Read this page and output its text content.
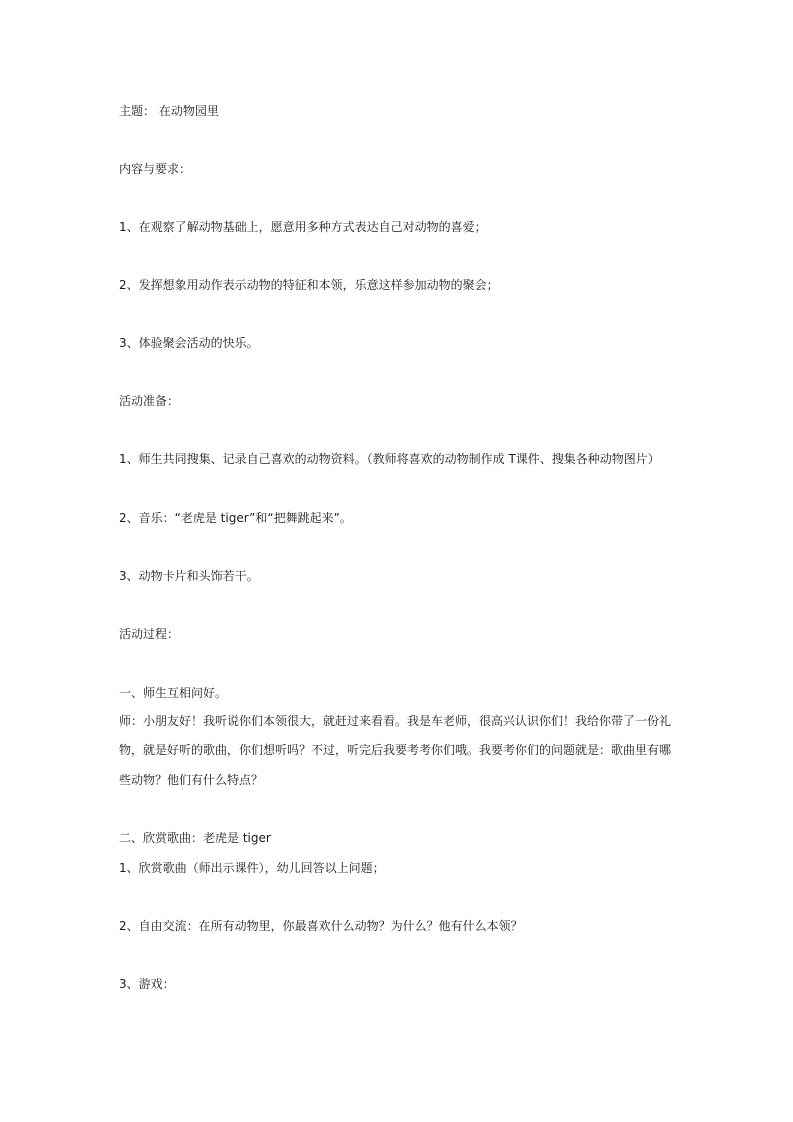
主题： 在动物园里
内容与要求：
1、在观察了解动物基础上，愿意用多种方式表达自己对动物的喜爱；
2、发挥想象用动作表示动物的特征和本领，乐意这样参加动物的聚会；
3、体验聚会活动的快乐。
活动准备：
1、师生共同搜集、记录自己喜欢的动物资料。（教师将喜欢的动物制作成 T课件、搜集各种动物图片）
2、音乐：“老虎是 tiger”和“把舞跳起来”。
3、动物卡片和头饰若干。
活动过程：
一、师生互相问好。
师：小朋友好！我听说你们本领很大，就赶过来看看。我是车老师，很高兴认识你们！我给你带了一份礼
物，就是好听的歌曲，你们想听吗？不过，听完后我要考考你们哦。我要考你们的问题就是：歌曲里有哪
些动物？他们有什么特点？
二、欣赏歌曲：老虎是 tiger
1、欣赏歌曲（师出示课件），幼儿回答以上问题；
2、自由交流：在所有动物里，你最喜欢什么动物？为什么？他有什么本领？
3、游戏：
